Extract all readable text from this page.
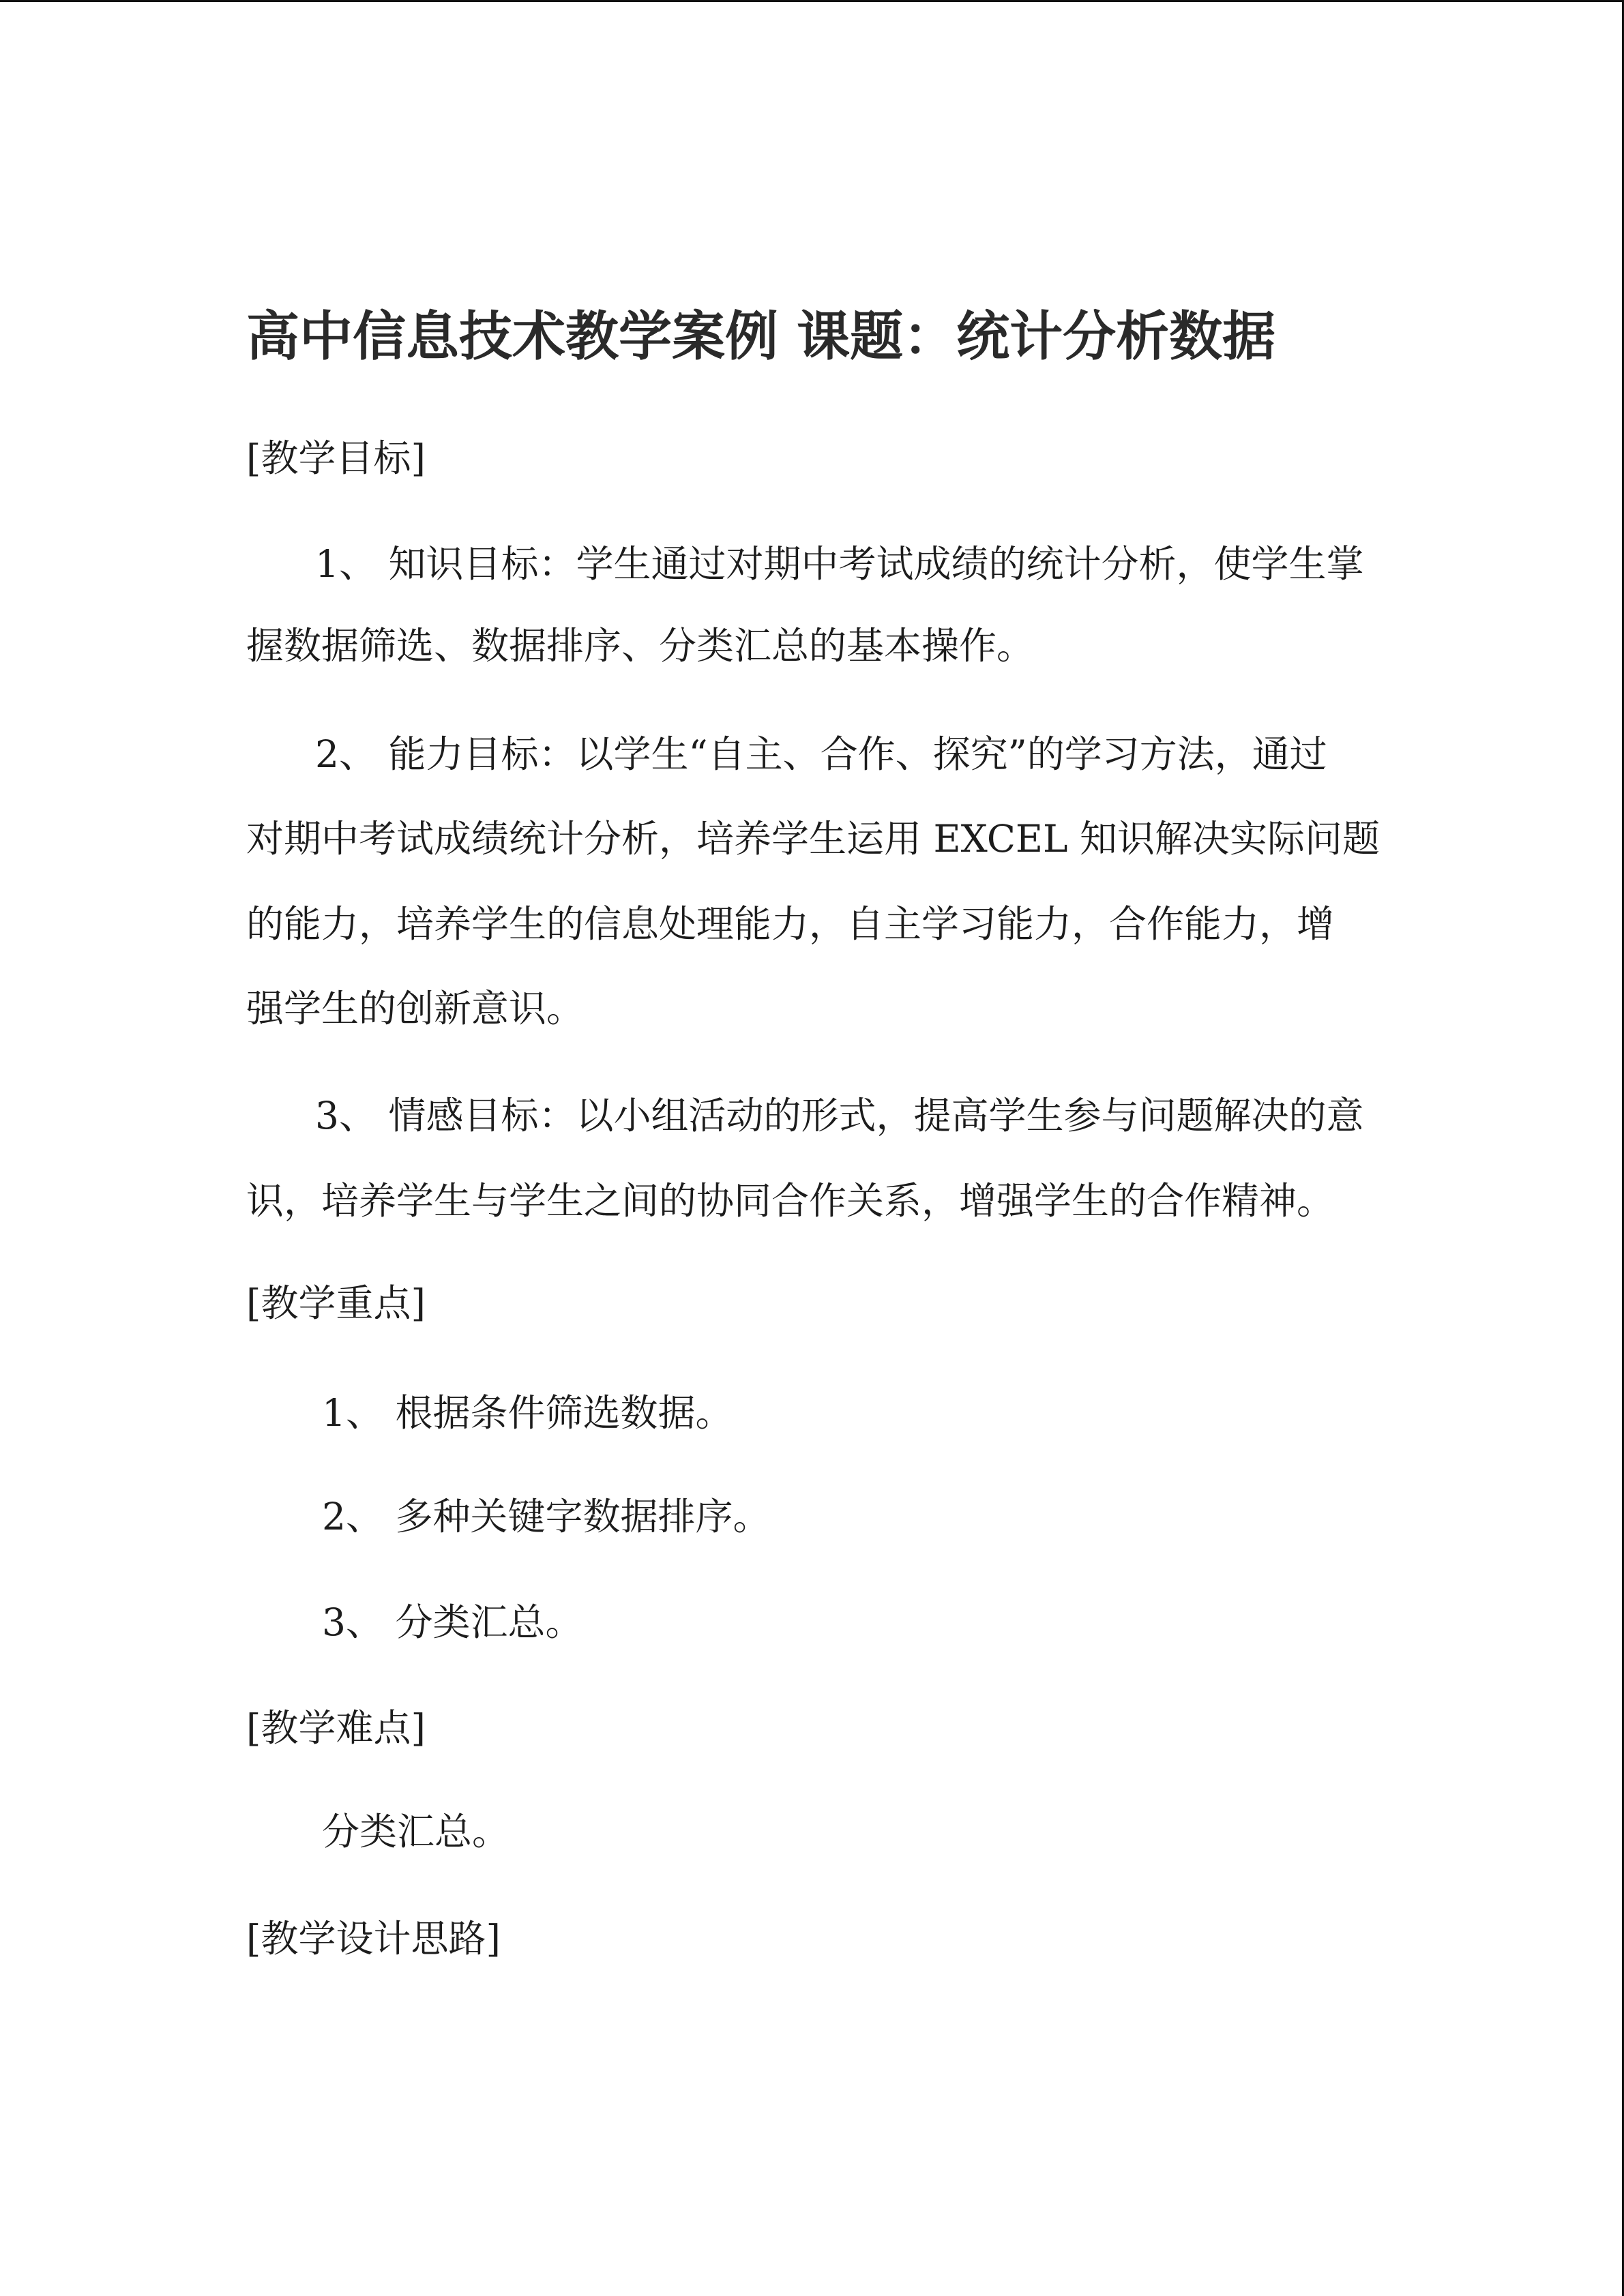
高中信息技术教学案例 课题：统计分析数据
[教学目标]
1、 知识目标：学生通过对期中考试成绩的统计分析，使学生掌
握数据筛选、数据排序、分类汇总的基本操作。
2、 能力目标：以学生“自主、合作、探究”的学习方法，通过
对期中考试成绩统计分析，培养学生运用 EXCEL 知识解决实际问题
的能力，培养学生的信息处理能力，自主学习能力，合作能力，增
强学生的创新意识。
3、 情感目标：以小组活动的形式，提高学生参与问题解决的意
识，培养学生与学生之间的协同合作关系，增强学生的合作精神。
[教学重点]
1、 根据条件筛选数据。
2、 多种关键字数据排序。
3、 分类汇总。
[教学难点]
分类汇总。
[教学设计思路]
